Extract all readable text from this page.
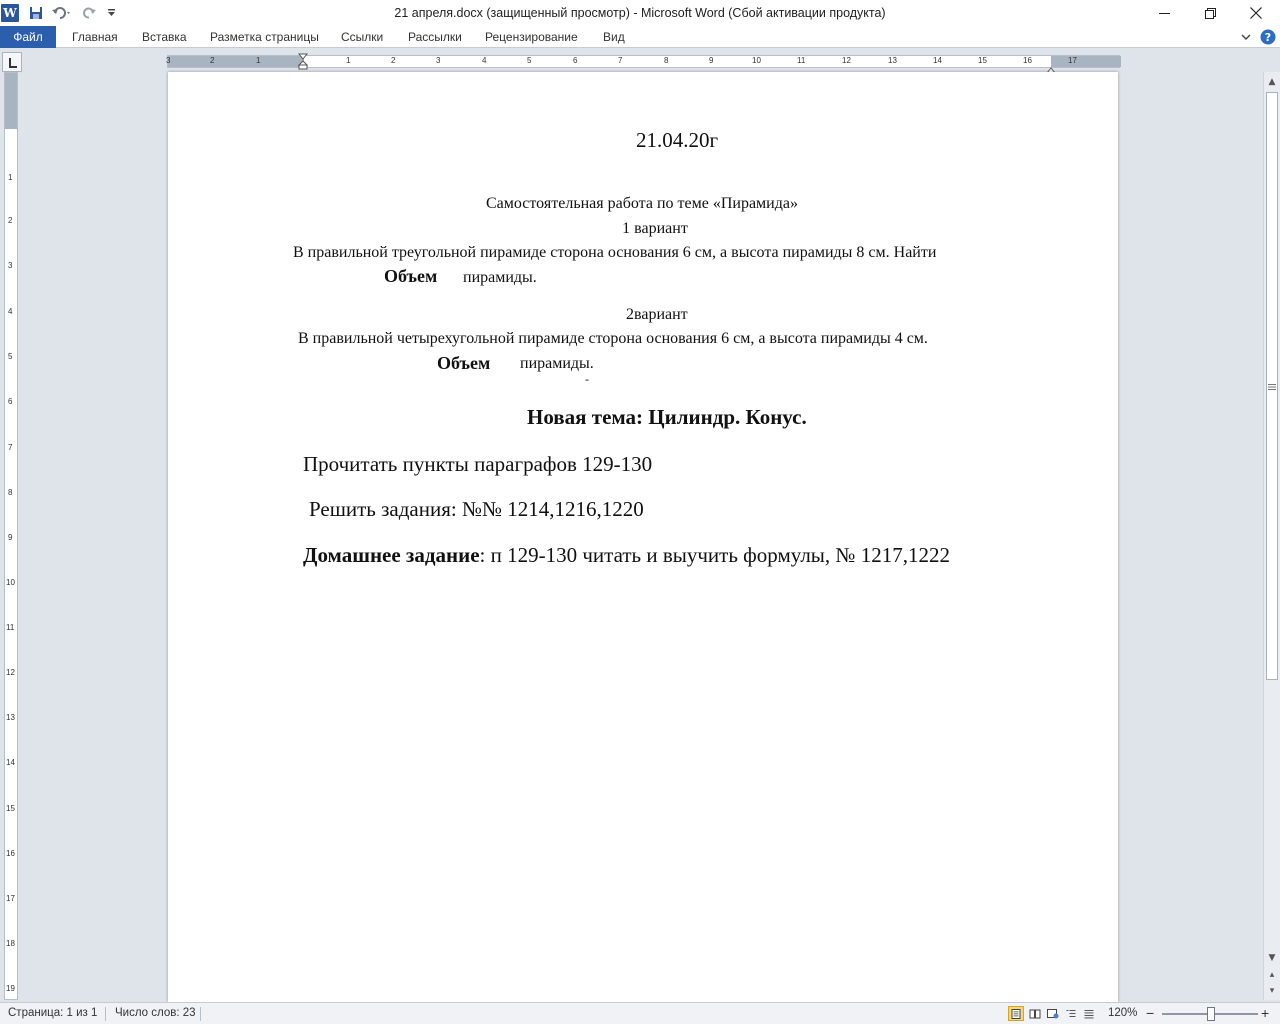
W	21 апреля.docx (защищенный просмотр) - Microsoft Word (Сбой активации продукта)
Файл	Главная	Вставка	Разметка страницы	Ссылки	Рассылки	Рецензирование	Вид	?
3	2	1	1	2	3	4	5	6	7	8	9	10	11	12	13	14	15	16	17
1
2
3
4
5
6
7
8
9
10
11
12
13
14
15
16
17
18
19
21.04.20г
Самостоятельная работа по теме «Пирамида»
1 вариант
В правильной треугольной пирамиде сторона основания 6 см, а высота пирамиды 8 см. Найти
Объем пирамиды.
2вариант
В правильной четырехугольной пирамиде сторона основания 6 см, а высота пирамиды 4 см.
Объем пирамиды.
-
Новая тема: Цилиндр. Конус.
Прочитать пункты параграфов 129-130
Решить задания: №№ 1214,1216,1220
Домашнее задание: п 129-130 читать и выучить формулы, № 1217,1222
▲
▼
▴
▾
Страница: 1 из 1 Число слов: 23	120% −	+
